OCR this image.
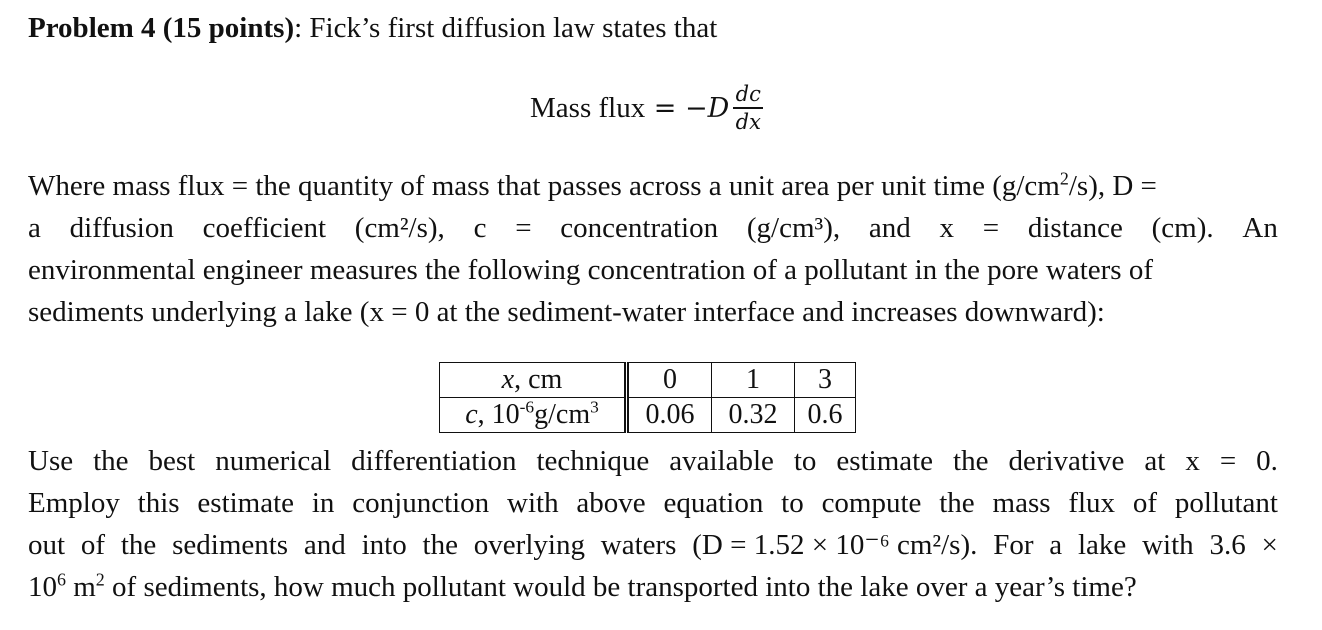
Problem 4 (15 points): Fick’s first diffusion law states that
Mass flux = − D $\frac{dc}{dx}$
Where mass flux = the quantity of mass that passes across a unit area per unit time $(g/cm^2/s)$, D =
a diffusion coefficient (cm²/s), c = concentration (g/cm³), and x = distance (cm). An
environmental engineer measures the following concentration of a pollutant in the pore waters of
sediments underlying a lake (x = 0 at the sediment-water interface and increases downward):
x, cm	0	1	3
c, $10^{-6}g/cm^3$	0.06	0.32	0.6
Use the best numerical differentiation technique available to estimate the derivative at x = 0.
Employ this estimate in conjunction with above equation to compute the mass flux of pollutant
out of the sediments and into the overlying waters (D = 1.52 × 10⁻⁶ cm²/s). For a lake with 3.6 ×
$10^6$ $m^2$ of sediments, how much pollutant would be transported into the lake over a year’s time?
